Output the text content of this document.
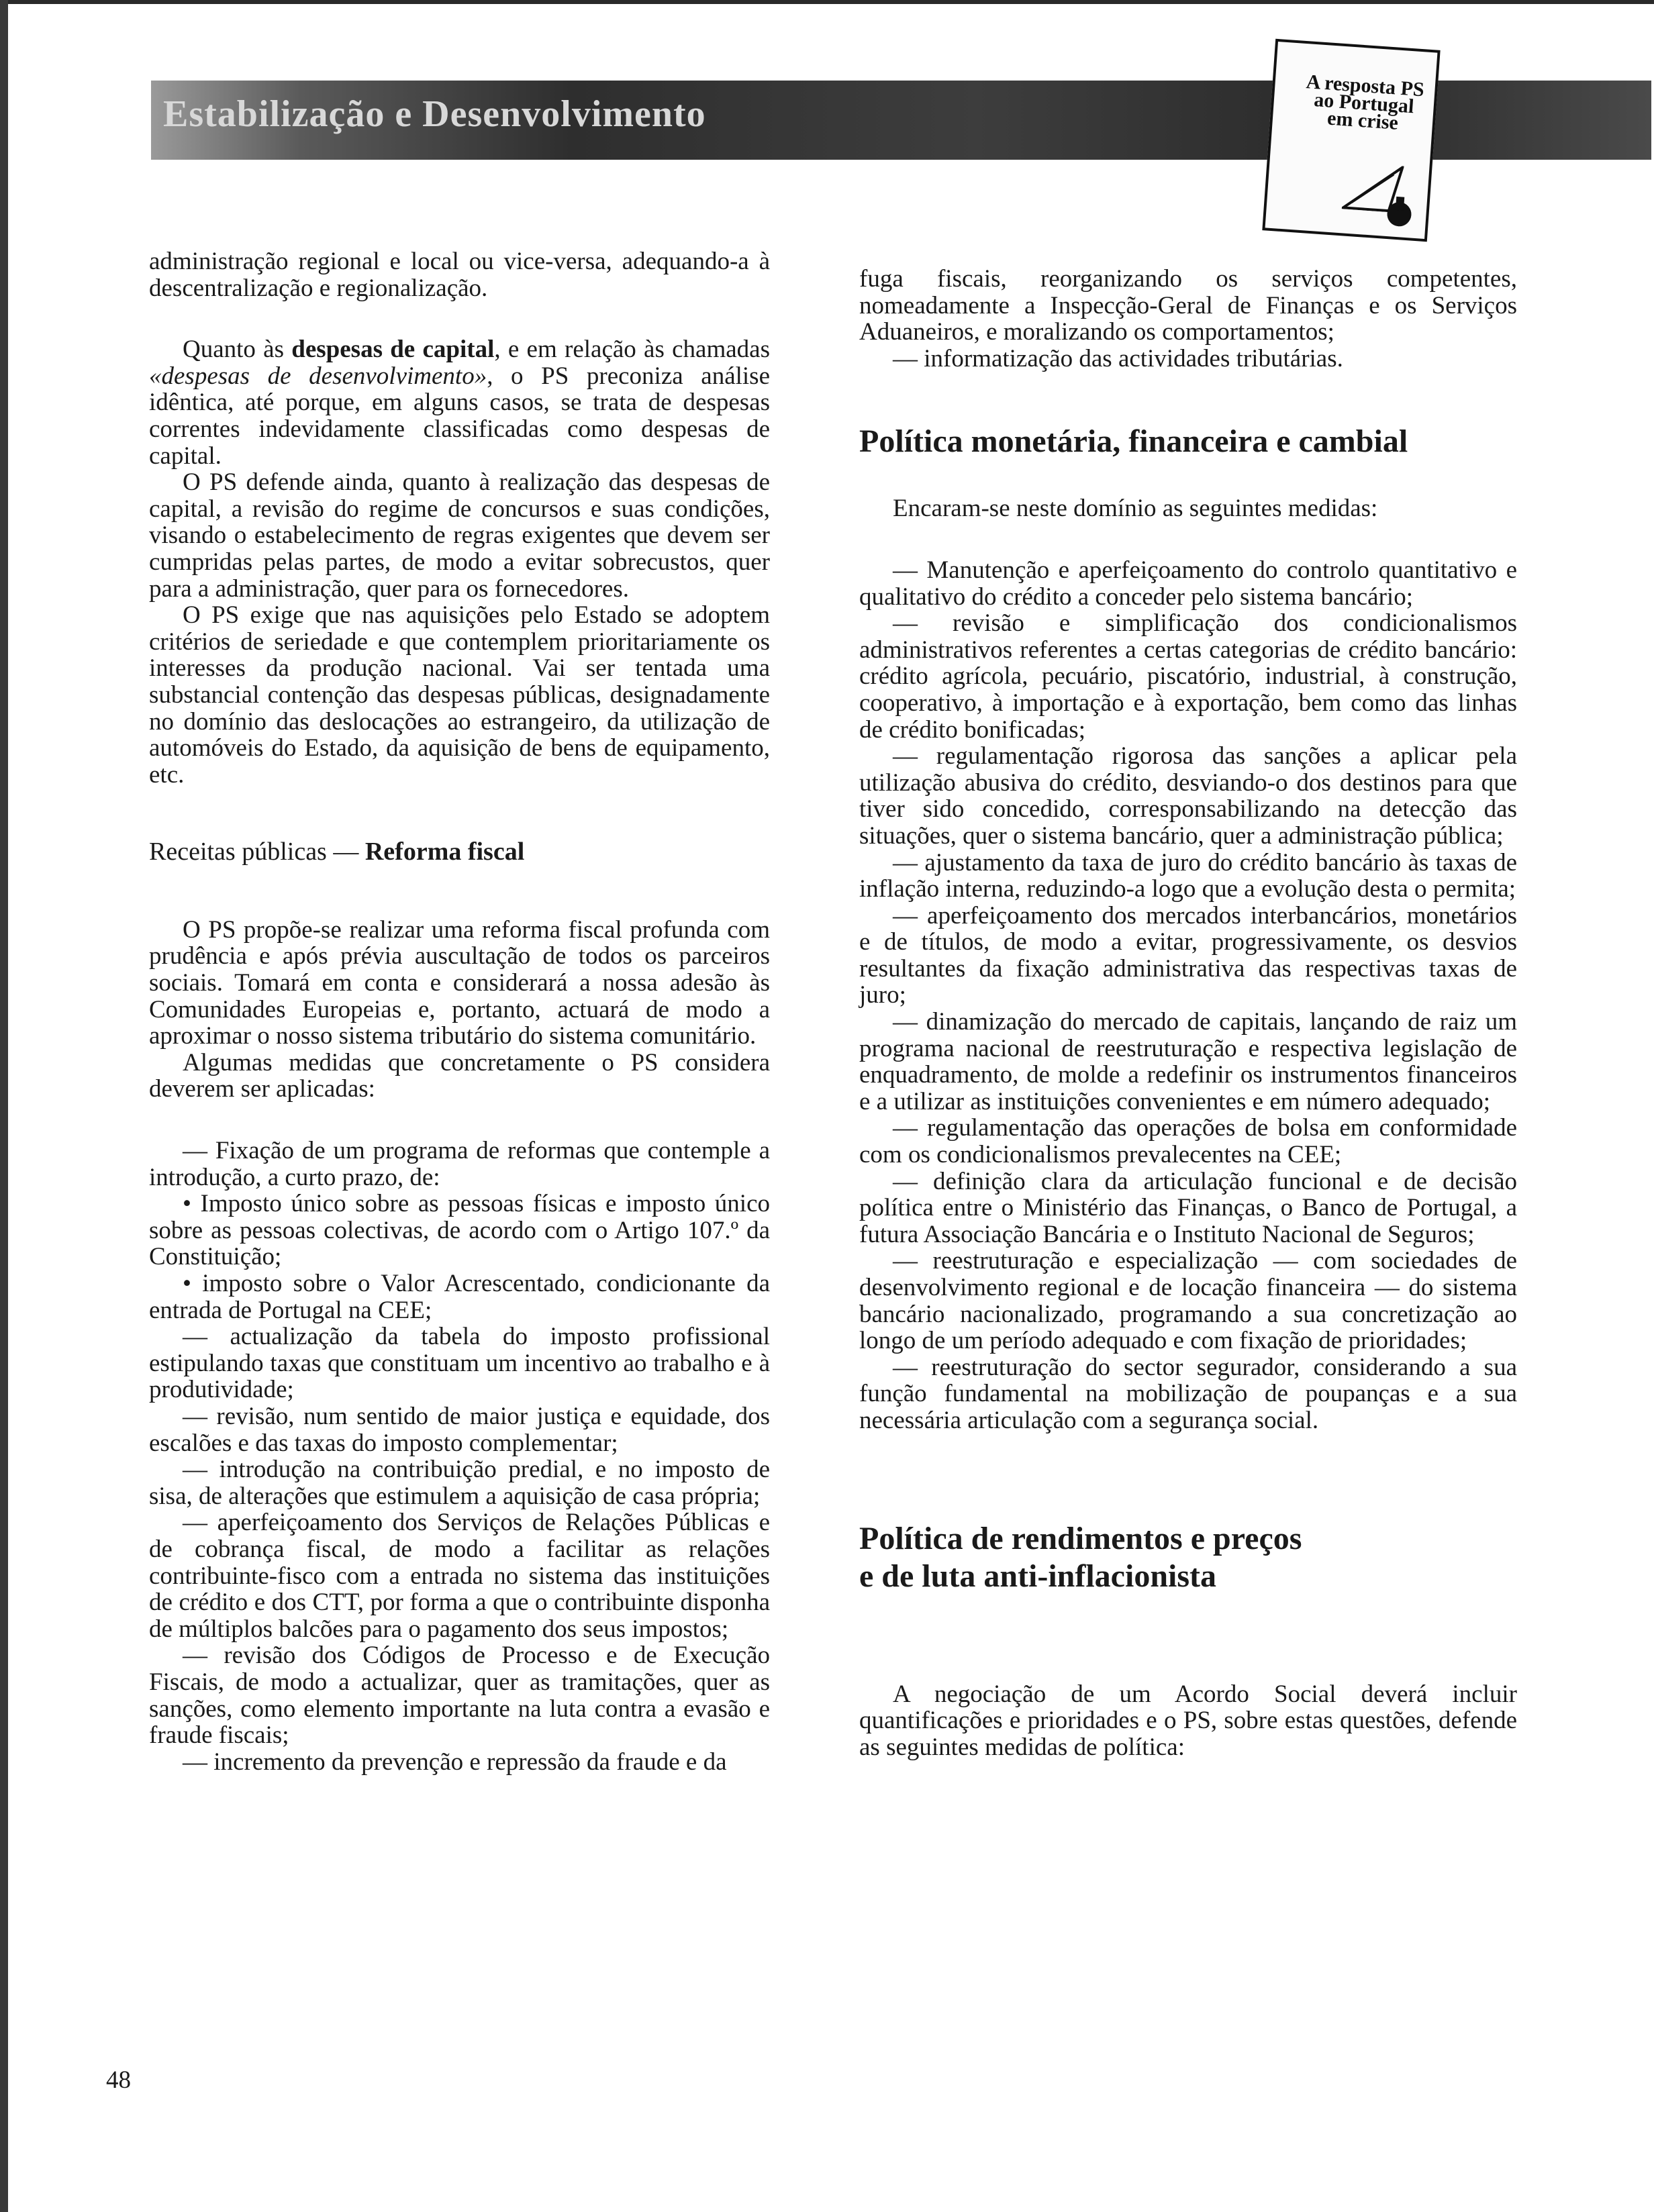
Estabilização e Desenvolvimento
A resposta PS ao Portugal em crise

administração regional e local ou vice-versa, adequando-a à descentralização e regionalização.

Quanto às despesas de capital, e em relação às chamadas «despesas de desenvolvimento», o PS preconiza análise idêntica, até porque, em alguns casos, se trata de despesas correntes indevidamente classificadas como despesas de capital.

O PS defende ainda, quanto à realização das despesas de capital, a revisão do regime de concursos e suas condições, visando o estabelecimento de regras exigentes que devem ser cumpridas pelas partes, de modo a evitar sobrecustos, quer para a administração, quer para os fornecedores.

O PS exige que nas aquisições pelo Estado se adoptem critérios de seriedade e que contemplem prioritariamente os interesses da produção nacional. Vai ser tentada uma substancial contenção das despesas públicas, designadamente no domínio das deslocações ao estrangeiro, da utilização de automóveis do Estado, da aquisição de bens de equipamento, etc.

Receitas públicas — Reforma fiscal

O PS propõe-se realizar uma reforma fiscal profunda com prudência e após prévia auscultação de todos os parceiros sociais. Tomará em conta e considerará a nossa adesão às Comunidades Europeias e, portanto, actuará de modo a aproximar o nosso sistema tributário do sistema comunitário.

Algumas medidas que concretamente o PS considera deverem ser aplicadas:

— Fixação de um programa de reformas que contemple a introdução, a curto prazo, de:

• Imposto único sobre as pessoas físicas e imposto único sobre as pessoas colectivas, de acordo com o Artigo 107.º da Constituição;

• imposto sobre o Valor Acrescentado, condicionante da entrada de Portugal na CEE;

— actualização da tabela do imposto profissional estipulando taxas que constituam um incentivo ao trabalho e à produtividade;

— revisão, num sentido de maior justiça e equidade, dos escalões e das taxas do imposto complementar;

— introdução na contribuição predial, e no imposto de sisa, de alterações que estimulem a aquisição de casa própria;

— aperfeiçoamento dos Serviços de Relações Públicas e de cobrança fiscal, de modo a facilitar as relações contribuinte-fisco com a entrada no sistema das instituições de crédito e dos CTT, por forma a que o contribuinte disponha de múltiplos balcões para o pagamento dos seus impostos;

— revisão dos Códigos de Processo e de Execução Fiscais, de modo a actualizar, quer as tramitações, quer as sanções, como elemento importante na luta contra a evasão e fraude fiscais;

— incremento da prevenção e repressão da fraude e da

fuga fiscais, reorganizando os serviços competentes, nomeadamente a Inspecção-Geral de Finanças e os Serviços Aduaneiros, e moralizando os comportamentos;

— informatização das actividades tributárias.

Política monetária, financeira e cambial

Encaram-se neste domínio as seguintes medidas:

— Manutenção e aperfeiçoamento do controlo quantitativo e qualitativo do crédito a conceder pelo sistema bancário;

— revisão e simplificação dos condicionalismos administrativos referentes a certas categorias de crédito bancário: crédito agrícola, pecuário, piscatório, industrial, à construção, cooperativo, à importação e à exportação, bem como das linhas de crédito bonificadas;

— regulamentação rigorosa das sanções a aplicar pela utilização abusiva do crédito, desviando-o dos destinos para que tiver sido concedido, corresponsabilizando na detecção das situações, quer o sistema bancário, quer a administração pública;

— ajustamento da taxa de juro do crédito bancário às taxas de inflação interna, reduzindo-a logo que a evolução desta o permita;

— aperfeiçoamento dos mercados interbancários, monetários e de títulos, de modo a evitar, progressivamente, os desvios resultantes da fixação administrativa das respectivas taxas de juro;

— dinamização do mercado de capitais, lançando de raiz um programa nacional de reestruturação e respectiva legislação de enquadramento, de molde a redefinir os instrumentos financeiros e a utilizar as instituições convenientes e em número adequado;

— regulamentação das operações de bolsa em conformidade com os condicionalismos prevalecentes na CEE;

— definição clara da articulação funcional e de decisão política entre o Ministério das Finanças, o Banco de Portugal, a futura Associação Bancária e o Instituto Nacional de Seguros;

— reestruturação e especialização — com sociedades de desenvolvimento regional e de locação financeira — do sistema bancário nacionalizado, programando a sua concretização ao longo de um período adequado e com fixação de prioridades;

— reestruturação do sector segurador, considerando a sua função fundamental na mobilização de poupanças e a sua necessária articulação com a segurança social.

Política de rendimentos e preços
e de luta anti-inflacionista

A negociação de um Acordo Social deverá incluir quantificações e prioridades e o PS, sobre estas questões, defende as seguintes medidas de política:

48
